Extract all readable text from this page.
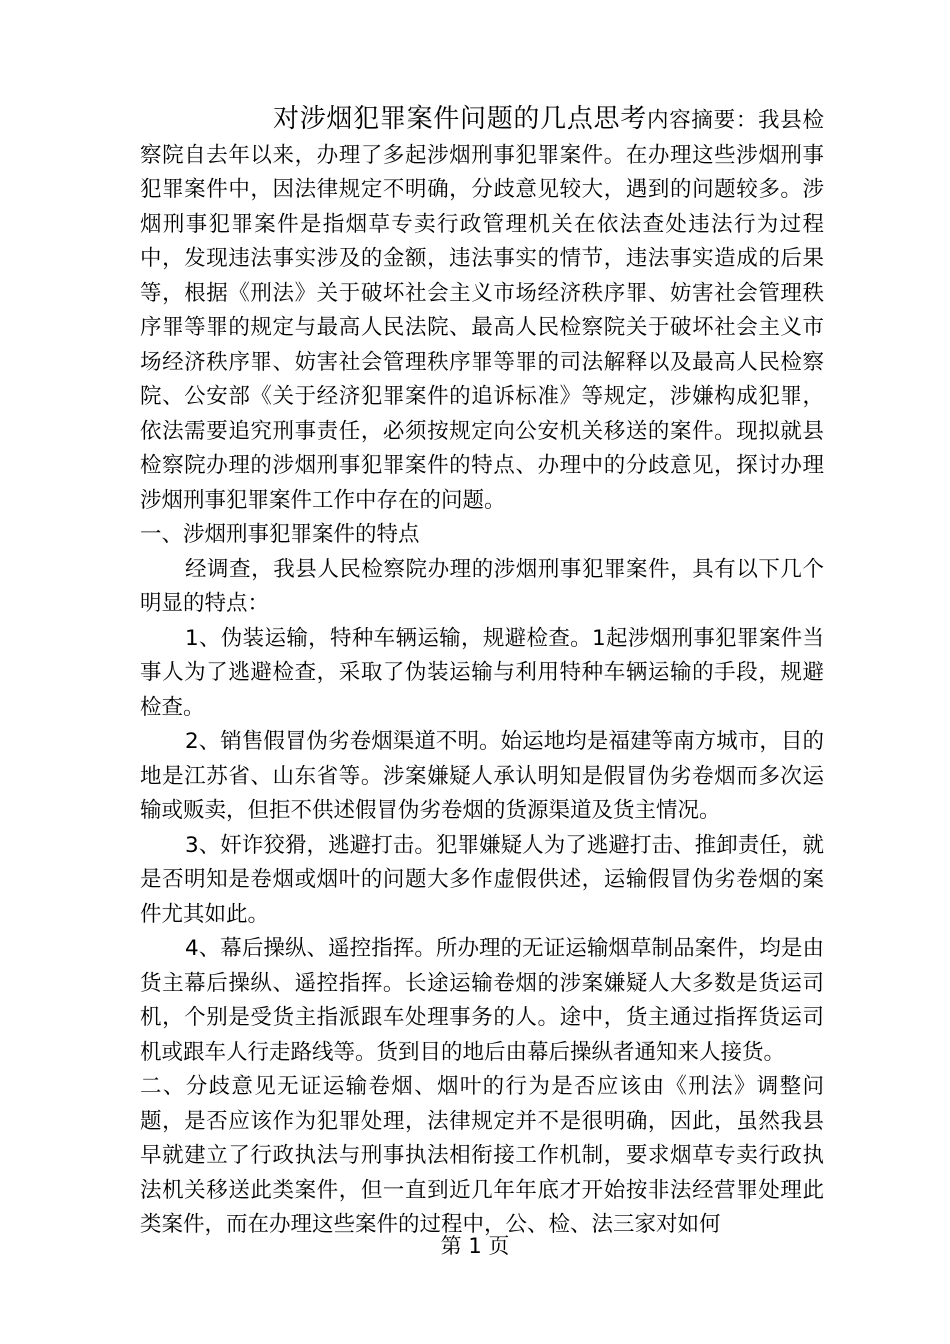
对涉烟犯罪案件问题的几点思考内容摘要：我县检察院自去年以来，办理了多起涉烟刑事犯罪案件。在办理这些涉烟刑事犯罪案件中，因法律规定不明确，分歧意见较大，遇到的问题较多。涉烟刑事犯罪案件是指烟草专卖行政管理机关在依法查处违法行为过程中，发现违法事实涉及的金额，违法事实的情节，违法事实造成的后果等，根据《刑法》关于破坏社会主义市场经济秩序罪、妨害社会管理秩序罪等罪的规定与最高人民法院、最高人民检察院关于破坏社会主义市场经济秩序罪、妨害社会管理秩序罪等罪的司法解释以及最高人民检察院、公安部《关于经济犯罪案件的追诉标准》等规定，涉嫌构成犯罪，依法需要追究刑事责任，必须按规定向公安机关移送的案件。现拟就县检察院办理的涉烟刑事犯罪案件的特点、办理中的分歧意见，探讨办理涉烟刑事犯罪案件工作中存在的问题。

一、涉烟刑事犯罪案件的特点

经调查，我县人民检察院办理的涉烟刑事犯罪案件，具有以下几个明显的特点：

1、伪装运输，特种车辆运输，规避检查。1起涉烟刑事犯罪案件当事人为了逃避检查，采取了伪装运输与利用特种车辆运输的手段，规避检查。

2、销售假冒伪劣卷烟渠道不明。始运地均是福建等南方城市，目的地是江苏省、山东省等。涉案嫌疑人承认明知是假冒伪劣卷烟而多次运输或贩卖，但拒不供述假冒伪劣卷烟的货源渠道及货主情况。

3、奸诈狡猾，逃避打击。犯罪嫌疑人为了逃避打击、推卸责任，就是否明知是卷烟或烟叶的问题大多作虚假供述，运输假冒伪劣卷烟的案件尤其如此。

4、幕后操纵、遥控指挥。所办理的无证运输烟草制品案件，均是由货主幕后操纵、遥控指挥。长途运输卷烟的涉案嫌疑人大多数是货运司机，个别是受货主指派跟车处理事务的人。途中，货主通过指挥货运司机或跟车人行走路线等。货到目的地后由幕后操纵者通知来人接货。

二、分歧意见无证运输卷烟、烟叶的行为是否应该由《刑法》调整问题，是否应该作为犯罪处理，法律规定并不是很明确，因此，虽然我县早就建立了行政执法与刑事执法相衔接工作机制，要求烟草专卖行政执法机关移送此类案件，但一直到近几年年底才开始按非法经营罪处理此类案件，而在办理这些案件的过程中，公、检、法三家对如何

第 1 页
